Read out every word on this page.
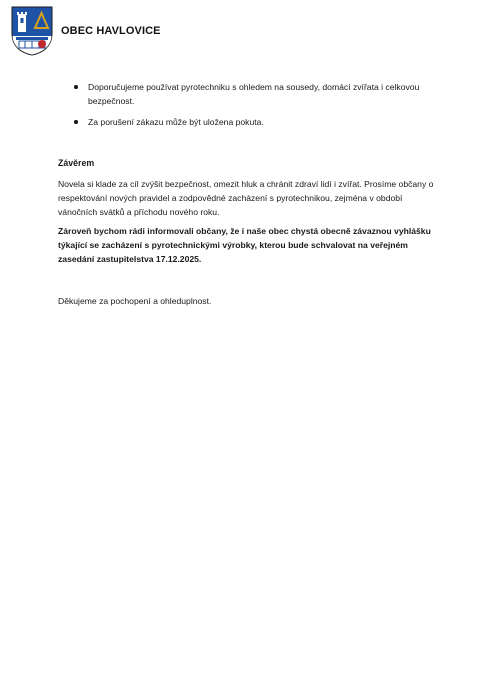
OBEC HAVLOVICE
Doporučujeme používat pyrotechniku s ohledem na sousedy, domácí zvířata i celkovou bezpečnost.
Za porušení zákazu může být uložena pokuta.
Závěrem
Novela si klade za cíl zvýšit bezpečnost, omezit hluk a chránit zdraví lidí i zvířat. Prosíme občany o respektování nových pravidel a zodpovědné zacházení s pyrotechnikou, zejména v období vánočních svátků a příchodu nového roku.
Zároveň bychom rádi informovali občany, že i naše obec chystá obecně závaznou vyhlášku týkající se zacházení s pyrotechnickými výrobky, kterou bude schvalovat na veřejném zasedání zastupitelstva 17.12.2025.
Děkujeme za pochopení a ohleduplnost.
